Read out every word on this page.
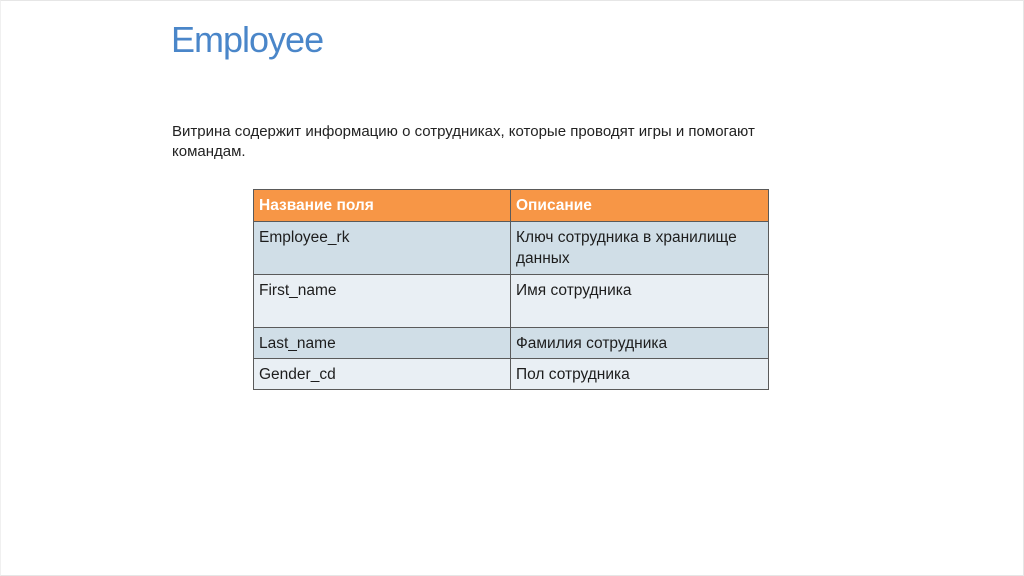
Employee

Витрина содержит информацию о сотрудниках, которые проводят игры и помогают командам.

Название поля	Описание
Employee_rk	Ключ сотрудника в хранилище данных
First_name	Имя сотрудника
Last_name	Фамилия сотрудника
Gender_cd	Пол сотрудника
